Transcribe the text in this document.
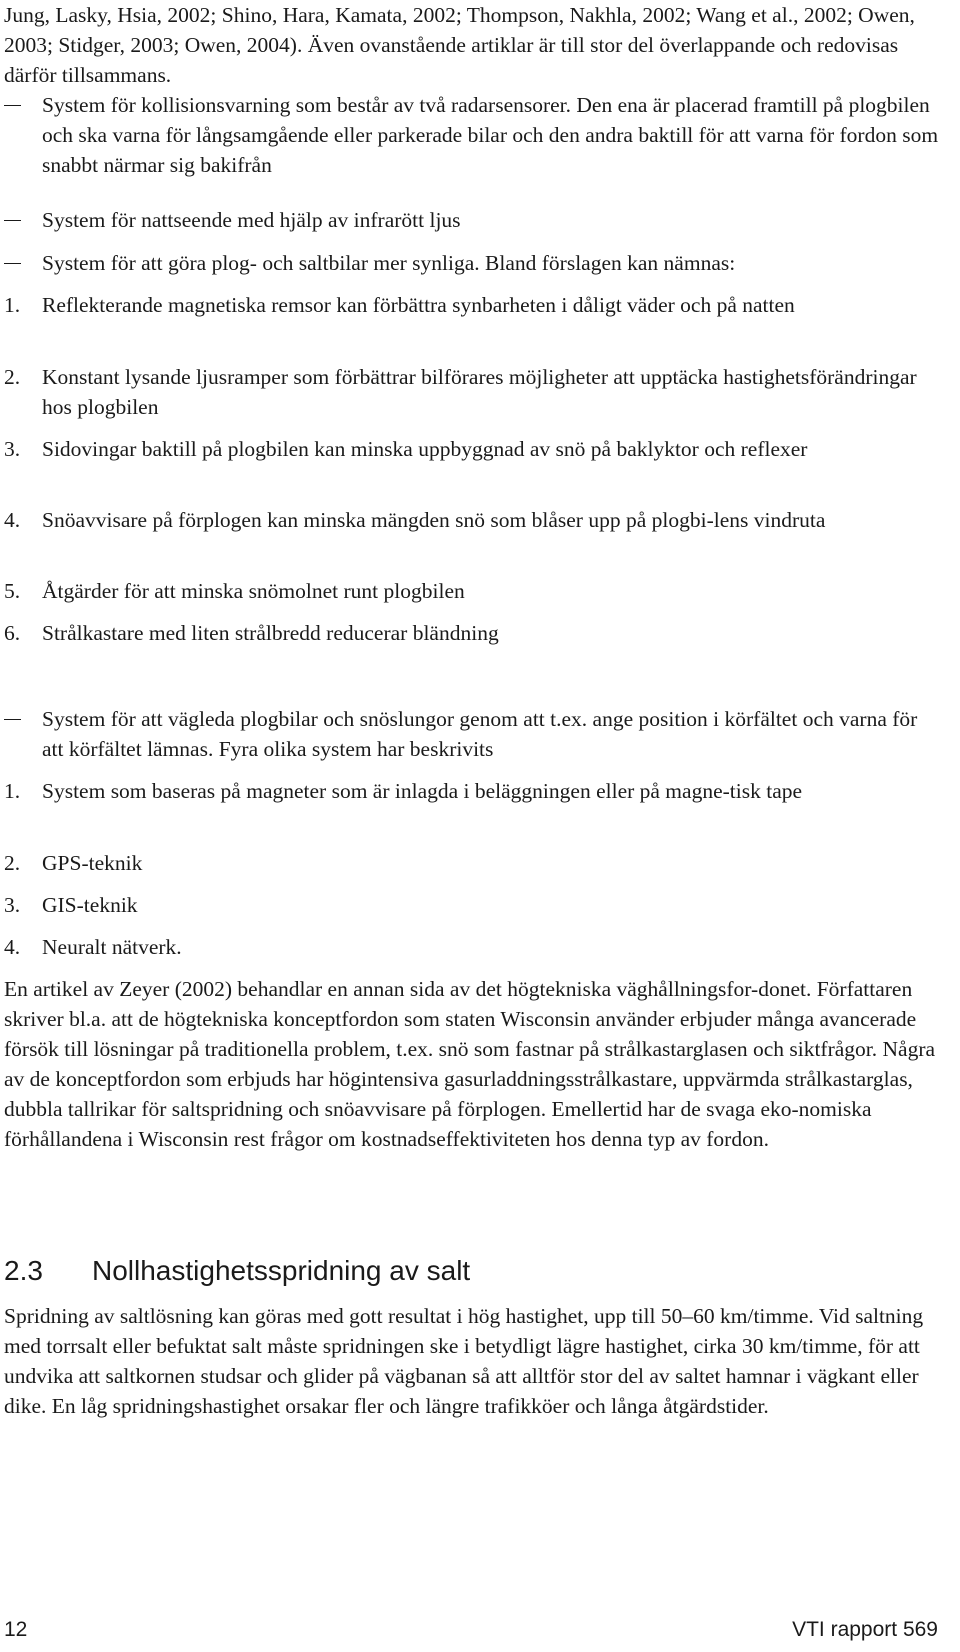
Jung, Lasky, Hsia, 2002; Shino, Hara, Kamata, 2002; Thompson, Nakhla, 2002; Wang et al., 2002; Owen, 2003; Stidger, 2003; Owen, 2004). Även ovanstående artiklar är till stor del överlappande och redovisas därför tillsammans.

System för kollisionsvarning som består av två radarsensorer. Den ena är placerad framtill på plogbilen och ska varna för långsamgående eller parkerade bilar och den andra baktill för att varna för fordon som snabbt närmar sig bakifrån
System för nattseende med hjälp av infrarött ljus
System för att göra plog- och saltbilar mer synliga. Bland förslagen kan nämnas:
1.	Reflekterande magnetiska remsor kan förbättra synbarheten i dåligt väder och på natten
2.	Konstant lysande ljusramper som förbättrar bilförares möjligheter att upptäcka hastighetsförändringar hos plogbilen
3.	Sidovingar baktill på plogbilen kan minska uppbyggnad av snö på baklyktor och reflexer
4.	Snöavvisare på förplogen kan minska mängden snö som blåser upp på plogbi-lens vindruta
5.	Åtgärder för att minska snömolnet runt plogbilen
6.	Strålkastare med liten strålbredd reducerar bländning
System för att vägleda plogbilar och snöslungor genom att t.ex. ange position i körfältet och varna för att körfältet lämnas. Fyra olika system har beskrivits
1.	System som baseras på magneter som är inlagda i beläggningen eller på magne-tisk tape
2.	GPS-teknik
3.	GIS-teknik
4.	Neuralt nätverk.

En artikel av Zeyer (2002) behandlar en annan sida av det högtekniska väghållningsfor-donet. Författaren skriver bl.a. att de högtekniska konceptfordon som staten Wisconsin använder erbjuder många avancerade försök till lösningar på traditionella problem, t.ex. snö som fastnar på strålkastarglasen och siktfrågor. Några av de konceptfordon som erbjuds har högintensiva gasurladdningsstrålkastare, uppvärmda strålkastarglas, dubbla tallrikar för saltspridning och snöavvisare på förplogen. Emellertid har de svaga eko-nomiska förhållandena i Wisconsin rest frågor om kostnadseffektiviteten hos denna typ av fordon.

2.3 Nollhastighetsspridning av salt

Spridning av saltlösning kan göras med gott resultat i hög hastighet, upp till 50–60 km/timme. Vid saltning med torrsalt eller befuktat salt måste spridningen ske i betydligt lägre hastighet, cirka 30 km/timme, för att undvika att saltkornen studsar och glider på vägbanan så att alltför stor del av saltet hamnar i vägkant eller dike. En låg spridningshastighet orsakar fler och längre trafikköer och långa åtgärdstider.

12	VTI rapport 569
